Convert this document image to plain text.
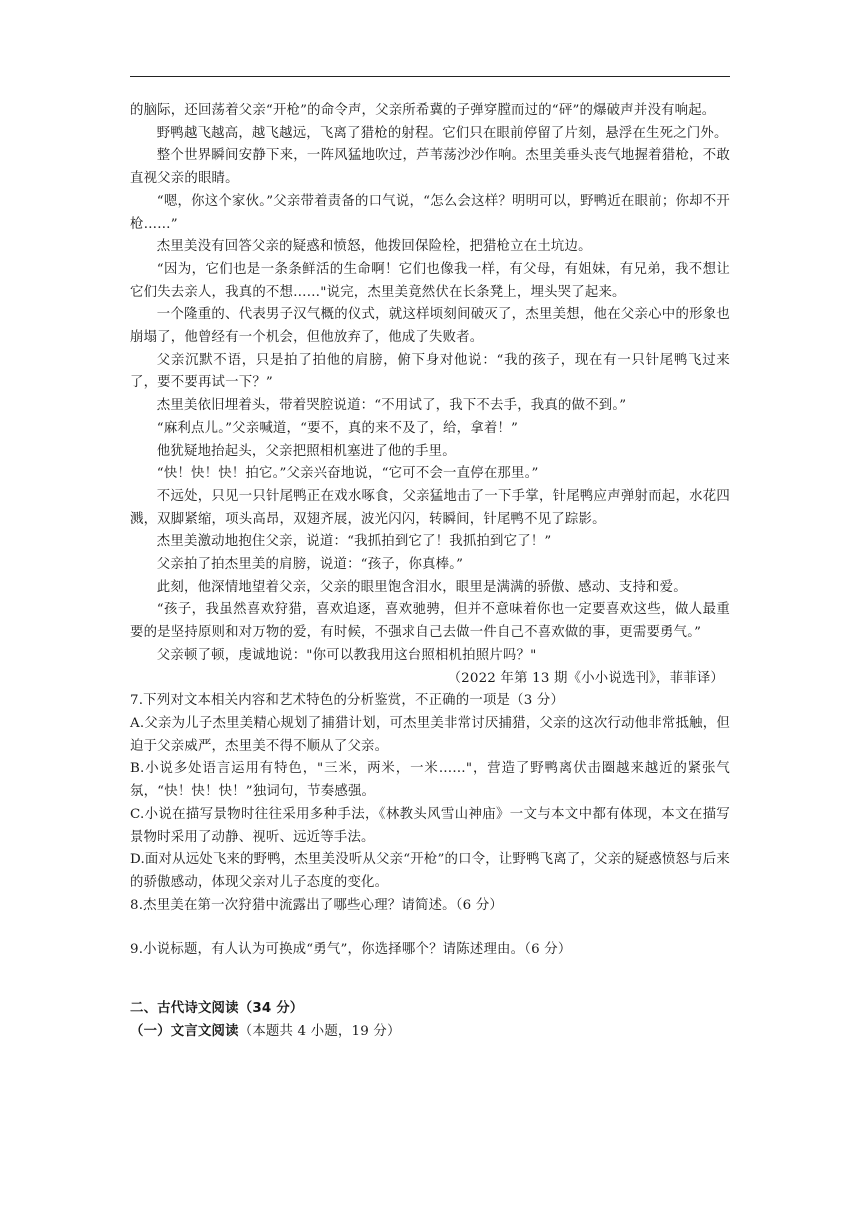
的脑际，还回荡着父亲“开枪”的命令声，父亲所希冀的子弹穿膛而过的“砰”的爆破声并没有响起。

野鸭越飞越高，越飞越远，飞离了猎枪的射程。它们只在眼前停留了片刻，悬浮在生死之门外。

整个世界瞬间安静下来，一阵风猛地吹过，芦苇荡沙沙作响。杰里美垂头丧气地握着猎枪，不敢直视父亲的眼睛。

“嗯，你这个家伙。”父亲带着责备的口气说，“怎么会这样？明明可以，野鸭近在眼前；你却不开枪……”

杰里美没有回答父亲的疑惑和愤怒，他拨回保险栓，把猎枪立在土坑边。

“因为，它们也是一条条鲜活的生命啊！它们也像我一样，有父母，有姐妹，有兄弟，我不想让它们失去亲人，我真的不想……"说完，杰里美竟然伏在长条凳上，埋头哭了起来。

一个隆重的、代表男子汉气概的仪式，就这样顷刻间破灭了，杰里美想，他在父亲心中的形象也崩塌了，他曾经有一个机会，但他放弃了，他成了失败者。

父亲沉默不语，只是拍了拍他的肩膀，俯下身对他说：“我的孩子，现在有一只针尾鸭飞过来了，要不要再试一下？”

杰里美依旧埋着头，带着哭腔说道：“不用试了，我下不去手，我真的做不到。”

“麻利点儿。”父亲喊道，“要不，真的来不及了，给，拿着！”

他犹疑地抬起头，父亲把照相机塞进了他的手里。

“快！快！快！拍它。”父亲兴奋地说，“它可不会一直停在那里。”

不远处，只见一只针尾鸭正在戏水啄食，父亲猛地击了一下手掌，针尾鸭应声弹射而起，水花四溅，双脚紧缩，项头高昂，双翅齐展，波光闪闪，转瞬间，针尾鸭不见了踪影。

杰里美激动地抱住父亲，说道：“我抓拍到它了！我抓拍到它了！”

父亲拍了拍杰里美的肩膀，说道：“孩子，你真棒。”

此刻，他深情地望着父亲，父亲的眼里饱含泪水，眼里是满满的骄傲、感动、支持和爱。

“孩子，我虽然喜欢狩猎，喜欢追逐，喜欢驰骋，但并不意味着你也一定要喜欢这些，做人最重要的是坚持原则和对万物的爱，有时候，不强求自己去做一件自己不喜欢做的事，更需要勇气。”

父亲顿了顿，虔诚地说："你可以教我用这台照相机拍照片吗？"

（2022 年第 13 期《小小说选刊》，菲菲译）

7.下列对文本相关内容和艺术特色的分析鉴赏，不正确的一项是（3 分）

A.父亲为儿子杰里美精心规划了捕猎计划，可杰里美非常讨厌捕猎，父亲的这次行动他非常抵触，但迫于父亲威严，杰里美不得不顺从了父亲。

B.小说多处语言运用有特色，"三米，两米，一米……"，营造了野鸭离伏击圈越来越近的紧张气氛，“快！快！快！”独词句，节奏感强。

C.小说在描写景物时往往采用多种手法，《林教头风雪山神庙》一文与本文中都有体现，本文在描写景物时采用了动静、视听、远近等手法。

D.面对从远处飞来的野鸭，杰里美没听从父亲“开枪”的口令，让野鸭飞离了，父亲的疑惑愤怒与后来的骄傲感动，体现父亲对儿子态度的变化。

8.杰里美在第一次狩猎中流露出了哪些心理？请简述。（6 分）

9.小说标题，有人认为可换成“勇气”，你选择哪个？请陈述理由。（6 分）

二、古代诗文阅读（34 分）

（一）文言文阅读（本题共 4 小题，19 分）
